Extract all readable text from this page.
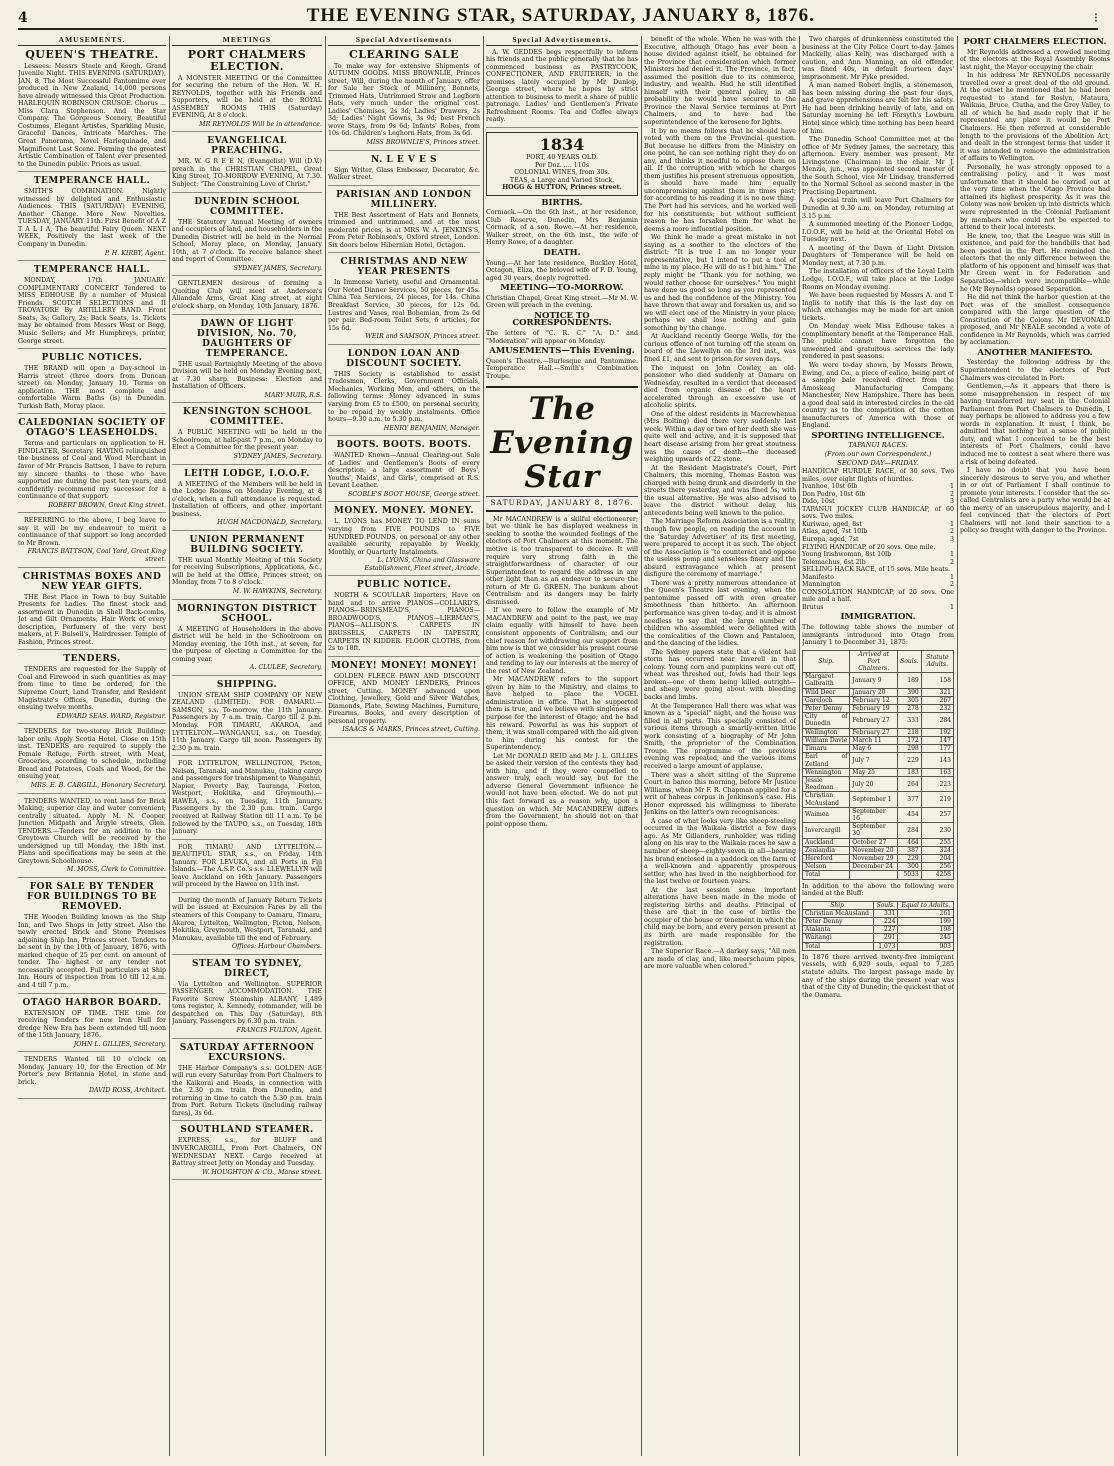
4	THE EVENING STAR, SATURDAY, JANUARY 8, 1876.	⁝
AMUSEMENTS.
QUEEN'S THEATRE.

Lessees: Messrs Steele and Keogh. Grand Juvenile Night. THIS EVENING (SATURDAY), JAN. 8, The Most Successful Pantomime ever produced in New Zealand, 14,000 persons have already witnessed this Great Production. HARLEQUIN ROBINSON CRUSOE. Chorus ... Miss Clara Stephenson. And the Star Company. The Gorgeous Scenery, Beautiful Costumes, Elegant Artistes, Sparkling Music, Graceful Dances, Intricate Marches. The Great Panorama, Novel Harlequinade, and Magnificent Last Scene. Forming the greatest Artistic Combination of Talent ever presented to the Dunedin public. Prices as usual.

TEMPERANCE HALL.

SMITH'S COMBINATION. Nightly witnessed by delighted and Enthusiastic Audiences. THIS (SATURDAY) EVENING, Another Change. More New Novelties. TUESDAY, JANUARY 11th. First Benefit of A Z T A L I A, The beautiful Fairy Queen. NEXT WEEK, Positively the last week of the Company in Dunedin.

P. H. KIRBY, Agent.
TEMPERANCE HALL.

MONDAY, 17th JANUARY. COMPLIMENTARY CONCERT Tendered to MISS EDHOUSE By a number of Musical Friends. SCOTCH SELECTIONS and II TROVATORE By ARTILLERY BAND. Front Seats, 3s; Gallery, 2s; Back Seats, 1s. Tickets may be obtained from Messrs West or Begg, Music Sellers; and Mr Humphreys, printer, George street.

PUBLIC NOTICES.

THE BRAND will open a Day-school in Harris street (three doors from Duncan street) on Monday, January 10. Terms on application. THE most complete and comfortable Warm Baths (is) in Dunedin. Turkish Bath, Moray place.

CALEDONIAN SOCIETY OF OTAGO'S LEASEHOLDS.

Terms and particulars on application to H. FINDLATER, Secretary. HAVING relinquished the business of Coal and Wood Merchant in favor of Mr Francis Battson, I have to return my sincere thanks to those who have supported me during the past ten years, and confidently recommend my successor for a continuance of that support.

ROBERT BROWN, Great King street.

REFERRING to the above, I beg leave to say it will be my endeavour to merit a continuance of that support so long accorded to Mr Brown.

FRANCIS BATTSON, Coal Yard, Great King street.
CHRISTMAS BOXES AND NEW YEAR GIFTS.

THE Best Place in Town to buy Suitable Presents for Ladies. The finest stock and assortment in Dunedin in Shell Back-combs, Jet and Gilt Ornaments, Hair Work of every description, Perfumery of the very best makers, at F. Bulsell's, Hairdresser. Temple of Fashion, Princes street.

TENDERS.

TENDERS are requested for the Supply of Coal and Firewood in such quantities as may from time to time be ordered, for the Supreme Court, Land Transfer, and Resident Magistrate's Offices, Dunedin, during the ensuing twelve months.

EDWARD SEAS. WARD, Registrar.

TENDERS for two-storey Brick Building; labor only. Apply Scotia Hotel. Close on 15th inst. TENDERS are required to supply the Female Refuge, Forth street, with Meat, Groceries, according to schedule, including Bread and Potatoes, Coals and Wood, for the ensuing year.

MRS. E. B. CARGILL, Honorary Secretary.

TENDERS WANTED, to rent land for Brick Making; superior clay and water convenient; centrally situated. Apply M. N. Cooper, Junction Midpath and Argyle streets, Glen. TENDERS.—Tenders for an addition to the Greytown Church will be received by the undersigned up till Monday, the 18th inst. Plans and specifications may be seen at the Greytown Schoolhouse.

M. MOSS, Clerk to Committee.
FOR SALE BY TENDER FOR BUILDINGS TO BE REMOVED.

THE Wooden Building known as the Ship Inn, and Two Shops in Jetty street. Also the newly erected Brick and Stone Premises adjoining Ship Inn, Princes street. Tenders to be sent in by the 10th of January, 1876, with marked cheque of 25 per cent. on amount of tender. The highest or any tender not necessarily accepted. Full particulars at Ship Inn. Hours of inspection from 10 till 12 a.m. and 4 till 7 p.m.

OTAGO HARBOR BOARD.

EXTENSION OF TIME. THE time for receiving Tenders for new Iron Hull for dredge New Era has been extended till noon of the 15th January, 1876.

JOHN L. GILLIES, Secretary.

TENDERS Wanted till 10 o'clock on Monday, January 10, for the Erection of Mr Porter's new Britannia Hotel, in stone and brick.

DAVID ROSS, Architect.
MEETINGS
PORT CHALMERS ELECTION.

A MONSTER MEETING Of the Committee for securing the return of the Hon. W. H. REYNOLDS, together with his Friends and Supporters, will be held at the ROYAL ASSEMBLY ROOMS THIS (Saturday) EVENING, At 8 o'clock.

MR REYNOLDS Will be in attendance.
EVANGELICAL PREACHING.

MR. W. G R E E N, (Evangelist) Will (D.V.) preach in the CHRISTIAN CHAPEL, Great King Street, TO-MORROW EVENING, At 7.30. Subject: "The Constraining Love of Christ."

DUNEDIN SCHOOL COMMITTEE.

THE Statutory Annual Meeting of owners and occupiers of land, and householders in the Dunedin District will be held in the Normal School, Moray place, on Monday, January 10th, at 7 o'clock. To receive balance sheet and report of Committee.

SYDNEY JAMES, Secretary.

GENTLEMEN desirous of forming a Quoiting Club will meet at Anderson's Allandale Arms, Great King street, at eight o'clock sharp, on Monday, 10th January, 1876.

DAWN OF LIGHT DIVISION, No. 70, DAUGHTERS OF TEMPERANCE.

THE usual Fortnightly Meeting of the above Division will be held on Monday Evening next, at 7.30 sharp. Business: Election and Installation of Officers.

MARY MUIR, R.S.
KENSINGTON SCHOOL COMMITTEE.

A PUBLIC MEETING will be held in the Schoolroom, at half-past 7 p.m., on Monday to Elect a Committee for the present year.

SYDNEY JAMES, Secretary.
LEITH LODGE, I.O.O.F.

A MEETING of the Members will be held in the Lodge Rooms on Monday Evening, at 8 o'clock, when a full attendance is requested. Installation of officers, and other important business.

HUGH MACDONALD, Secretary.
UNION PERMANENT BUILDING SOCIETY.

THE usual Monthly Meeting of this Society for receiving Subscriptions, Applications, &c., will be held at the Office, Princes street, on Monday, from 7 to 8 o'clock.

M. W. HAWKINS, Secretary.
MORNINGTON DISTRICT SCHOOL.

A MEETING of Householders in the above district will be held in the Schoolroom on Monday evening, the 10th inst., at seven, for the purpose of electing a Committee for the coming year.

A. CLULEE, Secretary.
SHIPPING.

UNION STEAM SHIP COMPANY OF NEW ZEALAND (LIMITED). FOR OAMARU.—SAMSON, s.s. To-morrow, the 11th January. Passengers by 7 a.m. train. Cargo till 2 p.m. Monday. FOR TIMARU, AKAROA, and LYTTELTON.—WANGANUI, s.s., on Tuesday, 11th January. Cargo till noon. Passengers by 2.30 p.m. train.

FOR LYTTELTON, WELLINGTON, Picton, Nelson, Taranaki, and Manukau, (taking cargo and passengers for transhipment to Wanganui, Napier, Poverty Bay, Tauranga, Foxton, Westport, Hokitika, and Greymouth).—HAWEA, s.s., on Tuesday, 11th January. Passengers by the 2.30 p.m. train. Cargo received at Railway Station till 11 a.m. To be followed by the TAUPO, s.s., on Tuesday, 18th January.

FOR TIMARU AND LYTTELTON.—BEAUTIFUL STAR, s.s., on Friday, 14th January. FOR LEVUKA, and all Ports in Fiji Islands.—The A.S.P. Co.'s s.s. LLEWELLYN will leave Auckland on 16th January. Passengers will proceed by the Hawea on 11th inst.

During the month of January Return Tickets will be issued at Excursion Fares by all the steamers of this Company to Oamaru, Timaru, Akaroa, Lyttelton, Wellington, Picton, Nelson, Hokitika, Greymouth, Westport, Taranaki, and Manukau, available till the end of February.

Offices: Harbour Chambers.
STEAM TO SYDNEY, DIRECT,

Via Lyttelton and Wellington. SUPERIOR PASSENGER ACCOMMODATION. THE Favorite Screw Steamship ALBANY, 1,489 tons register, A. Kennedy, commander, will be despatched on This Day (Saturday), 8th January. Passengers by 6.30 p.m. train.

FRANCIS FULTON, Agent.
SATURDAY AFTERNOON EXCURSIONS.

THE Harbor Company's s.s. GOLDEN AGE will run every Saturday from Port Chalmers to the Kaikorai and Heads, in connection with the 2.30 p.m. train from Dunedin, and returning in time to catch the 5.30 p.m. train from Port. Return Tickets (including railway fares), 3s 6d.

SOUTHLAND STEAMER.

EXPRESS, s.s., for BLUFF and INVERCARGILL, From Port Chalmers, ON WEDNESDAY NEXT. Cargo received at Rattray street Jetty on Monday and Tuesday.

W. HOUGHTON & CO., Manse street.
Special Advertisements
CLEARING SALE

To make way for extensive Shipments of AUTUMN GOODS. MISS BROWNLIE, Princes street, Will, during the month of January, offer for Sale her Stock of Millinery, Bonnets, Trimmed Hats, Untrimmed Straw and Leghorn Hats, very much under the original cost. Ladies' Chemises, 2s 3d; Ladies' Drawers, 2s 3d; Ladies' Night Gowns, 3s 9d; best French wove Stays, from 9s 6d; Infants' Robes, from 10s 6d. Children's Leghorn Hats, from 3s 6d.

MISS BROWNLIE'S, Princes street.
N. L E V E S

Sign Writer, Glass Embosser, Decorator, &c. Walker street.

PARISIAN AND LONDON MILLINERY.

THE Best Assortment of Hats and Bonnets, trimmed and untrimmed, and at the most moderate prices, is at MRS W. A. JENKINS'S, From Peter Robinson's, Oxford street, London. Six doors below Hibernian Hotel, Octagon.

CHRISTMAS AND NEW YEAR PRESENTS

In Immense Variety, useful and Ornamental. Our Noted Dinner Services, 50 pieces, for 45s. China Tea Services, 24 pieces, for 14s. China Breakfast Service, 30 pieces, for 12s 6d. Lustres and Vases, real Bohemian, from 2s 6d per pair. Bed-room Toilet Sets, 6 articles, for 15s 6d.

WEIR and SAMSON, Princes street.
LONDON LOAN AND DISCOUNT SOCIETY.

THIS Society is established to assist Tradesmen, Clerks, Government Officials, Mechanics, Working Men, and others, on the following terms: Money advanced in sums varying from £5 to £500, on personal security, to be repaid by weekly instalments. Office hours—9.30 a.m. to 5.30 p.m.

HENRY BENJAMIN, Manager.
BOOTS. BOOTS. BOOTS.

WANTED Known—Annual Clearing-out Sale of Ladies' and Gentlemen's Boots of every description; a large assortment of Boys', Youths', Maids', and Girls', comprised at R.S. Levant Leather.

SCOBLE'S BOOT HOUSE, George street.
MONEY. MONEY. MONEY.

L. LYONS has MONEY TO LEND IN sums varying from FIVE POUNDS to FIVE HUNDRED POUNDS, on personal or any other available security, repayable by Weekly, Monthly, or Quarterly Instalments.

L. LYONS, China and Glassware Establishment, Fleet street, Arcade.
PUBLIC NOTICE.

NORTH & SCOULLAR Importers, Have on hand and to arrive PIANOS—COLLARD'S, PIANOS—BRINSMEAD'S, PIANOS—BROADWOOD'S, PIANOS—LIEBMAN'S, PIANOS—ALLISON'S. CARPETS IN BRUSSELS, CARPETS IN TAPESTRY, CARPETS IN KIDDER. FLOOR CLOTHS, from 2s to 18ft.

MONEY! MONEY! MONEY!

GOLDEN FLEECE PAWN AND DISCOUNT OFFICE, AND MONEY LENDERS, Princes street, Cutting. MONEY advanced upon Clothing, Jewellery, Gold and Silver Watches, Diamonds, Plate, Sewing Machines, Furniture, Firearms, Books, and every description of personal property.

ISAACS & MARKS, Princes street, Cutting.
Special Advertisements.

A. W. GEDDES begs respectfully to inform his friends and the public generally that he has commenced business as PASTRYCOOK, CONFECTIONER, AND FRUITERER, in the premises lately occupied by Mr Dunlop, George street, where he hopes by strict attention to business to merit a share of public patronage. Ladies' and Gentlemen's Private Refreshment Rooms. Tea and Coffee always ready.

1834
PORT, 40 YEARS OLD.
Per Doz. .... 110s
COLONIAL WINES, from 30s.
TEAS, a Large and Varied Stock.
HOGG & HUTTON, Princes street.
BIRTHS.

Cormack.—On the 6th inst., at her residence, Club Reserve, Dunedin, Mrs Benjamin Cormack, of a son. Rowe.—At her residence, Walker street, on the 6th inst., the wife of Henry Rowe, of a daughter.

DEATH.

Young.—At her late residence, Buckley Hotel, Octagon, Eliza, the beloved wife of F. D. Young, aged 30 years, deeply regretted.

MEETING—TO-MORROW.

Christian Chapel, Great King street.—Mr M. W. Green will preach in the evening.

NOTICE TO CORRESPONDENTS.

The letters of "C. R. C." "A. D." and "Moderation" will appear on Monday.

AMUSEMENTS—This Evening.

Queen's Theatre.—Burlesque and Pantomime. Temperance Hall.—Smith's Combination Troupe.

The Evening Star
SATURDAY, JANUARY 8, 1876.

Mr MACANDREW is a skilful electioneerer; but we think he has displayed weakness in seeking to soothe the wounded feelings of the electors of Port Chalmers at this moment. The motive is too transparent to deceive. It will require very strong faith in the straightforwardness of character of our Superintendent to regard the address in any other light than as an endeavor to secure the return of Mr G. GREEN. The bunkum about Centralism and its dangers may be fairly dismissed.

If we were to follow the example of Mr MACANDREW and point to the past, we may claim equally with himself to have been consistent opponents of Centralism; and our chief reason for withdrawing our support from him now is that we consider his present course of action is weakening the position of Otago and tending to lay our interests at the mercy of the rest of New Zealand.

Mr MACANDREW refers to the support given by him to the Ministry, and claims to have helped to place the VOGEL administration in office. That he supported them is true, and we believe with singleness of purpose for the interest of Otago; and he had his reward. Powerful as was his support of them, it was small compared with the aid given to him during his contest for the Superintendency.

Let Mr DONALD REID and Mr J. L. GILLIES be asked their version of the contests they had with him, and if they were compelled to answer truly, each would say, but for the adverse General Government influence he would not have been elected. We do not put this fact forward as a reason why, upon a question on which Mr MACANDREW differs from the Government, he should not on that point oppose them.

benefit of the whole. When he was with the Executive, although Otago has ever been a house divided against itself, he obtained for the Province that consideration which former Ministers had denied it. The Province, in fact, assumed the position due to its commerce, industry, and wealth. Had he still identified himself with their general policy, in all probability he would have secured to the Province the Naval Service terminus at Port Chalmers, and to have had the superintendence of the kerosene for lights.

It by no means follows that he should have voted with them on the Provincial question. But because he differs from the Ministry on one point, he can see nothing right they do on any, and thinks it needful to oppose them on all. If the corruption with which he charges them justifies his present strenuous opposition, is should have made him equally uncompromising against them in times past; for according to his reading it is no new thing. The Port had his services, and he worked well for his constituents; but without sufficient reason he has forsaken them for what he deems a more influential position.

We think he made a great mistake in not saying as a soother to the electors of the district: "It is true I am no longer your representative, but I intend to put a tool of mine in my place. He will do as I bid him." The reply might be "Thank you for nothing, we would rather choose for ourselves." You might have done us good so long as you represented us and had the confidence of the Ministry. You have thrown that away and forsaken us, and so we will elect one of the Ministry in your place; perhaps we shall lose nothing and gain something by the change.

At Auckland recently George Wells, for the curious offence of not turning off the steam on board of the Llewellyn on the 3rd inst., was fined £1, and sent to prison for seven days.

The inquest on John Cowley, an old-pensioner who died suddenly at Oamaru on Wednesday, resulted in a verdict that deceased died from organic disease of the heart accelerated through an excessive use of alcoholic spirits.

One of the oldest residents in Macrewhenua (Mrs Bolting) died there very suddenly last week. Within a day or two of her death she was quite well and active, and it is supposed that heart disease arising from her great stoutness was the cause of death—the deceased weighing upwards of 22 stone.

At the Resident Magistrate's Court, Port Chalmers, this morning, Thomas Easton was charged with being drunk and disorderly in the streets there yesterday, and was fined 5s, with the usual alternative. He was also advised to leave the district without delay, his antecedents being well known to the police.

The Marriage Reform Association is a reality, though few people, on reading the account in the 'Saturday Advertiser' of its first meeting, were prepared to accept it as such. The object of the Association is "to counteract and oppose the useless pomp and senseless finery and the absurd extravagance which at present disfigure the ceremony of marriage."

There was a pretty numerous attendance at the Queen's Theatre last evening, when the pantomime passed off with even greater smoothness than hitherto. An afternoon performance was given to-day, and it is almost needless to say that the large number of children who assembled were delighted with the comicalities of the Clown and Pantaloon, and the dancing of the ladies.

The Sydney papers state that a violent hail storm has occurred near Inverell in that colony. Young corn and pumpkins were cut off, wheat was threshed out, fowls had their legs broken—one of them being killed outright—and sheep were going about with bleeding backs and limbs.

At the Temperance Hall there was what was known as a "special" night, and the house was filled in all parts. This specially consisted of various items through a smartly-written little work consisting of a biography of Mr John Smith, the proprietor of the Combination Troupe. The programme of the previous evening was repeated, and the various items received a large amount of applause.

There was a short sitting of the Supreme Court in banco this morning, before Mr Justice Williams, when Mr F. R. Chapman applied for a writ of habeas corpus in Jenkinson's case. His Honor expressed his willingness to liberate Jenkins on the latter's own recognisances.

A case of what looks very like sheep-stealing occurred in the Waikaia district a few days ago. As Mr Gillanders, runholder, was riding along on his way to the Waikaia races he saw a number of sheep—eighty-seven in all—bearing his brand enclosed in a paddock on the farm of a well-known and apparently prosperous settler, who has lived in the neighborhood for the last twelve or fourteen years.

At the last session some important alterations have been made in the mode of registering births and deaths. Principal of these are that in the case of births the occupier of the house or tenement in which the child may be born, and every person present at its birth are made responsible for the registration.

The Superior Race.—A darkey says, "All men are made of clay, and, like meerschaum pipes, are more valuable when colored."

PORT CHALMERS ELECTION.

Mr Reynolds addressed a crowded meeting of the electors at the Royal Assembly Rooms last night, the Mayor occupying the chair.

In his address Mr REYNOLDS necessarily travelled over a great deal of the old ground. At the outset he mentioned that he had been requested to stand for Roslyn, Mataura, Waikaia, Bruce, Clutha, and the Grey Valley, to all of which he had made reply that if he represented any place it would be Port Chalmers. He then referred at considerable length to the provisions of the Abolition Act, and dealt in the strongest terms that under it it was intended to remove the administration of affairs to Wellington.

Personally, he was strongly opposed to a centralising policy, and it was most unfortunate that it should be carried out at the very time when the Otago Province had attained its highest prosperity. As it was the Colony was now broken up into districts which were represented in the Colonial Parliament by members who could not be expected to attend to their local interests.

He knew, too, that the League was still in existence, and paid for the handbills that had been posted in the Port. He reminded the electors that the only difference between the platform of his opponent and himself was that Mr Green went in for Federation and Separation—which were incompatible—while he (Mr Reynolds) opposed Separation.

He did not think the harbor question at the Port was of the smallest consequence compared with the large question of the Constitution of the Colony. Mr DEVONALD proposed, and Mr NEALE seconded a vote of confidence in Mr Reynolds, which was carried by acclamation.

ANOTHER MANIFESTO.

Yesterday the following address by the Superintendent to the electors of Port Chalmers was circulated in Port:

Gentlemen,—As it appears that there is some misapprehension in respect of my having transferred my seat in the Colonial Parliament from Port Chalmers to Dunedin, I may perhaps be allowed to address you a few words in explanation. It must, I think, be admitted that nothing but a sense of public duty, and what I conceived to be the best interests of Port Chalmers, could have induced me to contest a seat where there was a risk of being defeated.

I have no doubt that you have been sincerely desirous to serve you, and whether in or out of Parliament I shall continue to promote your interests. I consider that the so-called Centralists are a party who would be at the mercy of an unscrupulous majority, and I feel convinced that the electors of Port Chalmers will not lend their sanction to a policy so fraught with danger to the Province.

Two charges of drunkenness constituted the business at the City Police Court to-day. James Mackelly, alias Kelly, was discharged with a caution, and Ann Manning, an old offender, was fined 40s, in default fourteen days' imprisonment. Mr Fyke presided.

A man named Robert Inglis, a stonemason, has been missing during the past four days, and grave apprehensions are felt for his safety. He had been drinking heavily of late, and on Saturday morning he left Forsyth's Lowburn Hotel since which time nothing has been heard of him.

The Dunedin School Committee met at the office of Mr Sydney James, the secretary, this afternoon. Every member was present, Mr Livingstone (Chairman) in the chair. Mr J. Menzie, jun., was appointed second master of the South School, vice Mr Lindsay, transferred to the Normal School as second master in the Practising Department.

A special train will leave Port Chalmers for Dunedin at 9.30 a.m. on Monday, returning at 3.15 p.m.

A summoned meeting of the Pioneer Lodge, I.O.O.F., will be held at the Oriental Hotel on Tuesday next.

A meeting of the Dawn of Light Division Daughters of Temperance will be held on Monday next, at 7.30 p.m.

The installation of officers of the Loyal Leith Lodge, I.O.O.F., will take place at the Lodge Rooms on Monday evening.

We have been requested by Messrs A. and T. Inglis to notify that this is the last day on which exchanges may be made for art union tickets.

On Monday week Miss Edhouse takes a complimentary benefit at the Temperance Hall. The public cannot have forgotten the unwearied and gratuitous services the lady rendered in past seasons.

We were to-day shown, by Messrs Brown, Ewing, and Co., a piece of calico, being part of a sample bale received direct from the Amoskeag Manufacturing Company, Manchester, New Hampshire. There has been a good deal said in interested circles in the old country as to the competition of the cotton manufacturers of America with those of England.

SPORTING INTELLIGENCE.
TAPANUI RACES.
(From our own Correspondent.)
SECOND DAY—FRIDAY.

HANDICAP HURDLE RACE, of 30 sovs. Two miles, over eight flights of hurdles.

Ivanhoe, 10st 6lb	1
Don Pedro, 10st 6lb	2
Dido, 10st	3

TAPANUI JOCKEY CLUB HANDICAP, of 60 sovs. Two miles.

Kuriwao, aged, 8st	1
Atlas, aged, 7st 10lb	2
Europa, aged, 7st	3

FLYING HANDICAP, of 20 sovs. One mile.

Young Irishwoman, 8st 10lb	1
Telemachus, 6st 2lb	2

SELLING HACK RACE, of 15 sovs. Mile heats.

Manifesto	1
Mannington	2

CONSOLATION HANDICAP, of 20 sovs. One mile and a half.

Brutus	1
IMMIGRATION.

The following table shows the number of immigrants introduced into Otago from January 1 to December 31, 1875:

Ship.	Arrived at Port Chalmers.	Souls.	Statute Adults.
Margaret Galbraith	January 9	189	158
Wild Deer	January 20	390	321
Gareloch	February 12	305	267
Peter Denny	February 19	278	232
City of Dunedin	February 27	333	284
Wellington	February 27	218	192
William Davie	March 11	172	147
Timaru	May 6	298	177
Earl of Zetland	July 7	229	143
Wennington	May 25	183	163
Jessie Readman	July 20	264	223
Christian McAusland	September 1	377	219
Waimea	September 16	454	257
Invercargill	September 30	284	230
Auckland	October 27	464	255
Zealandia	November 20	387	324
Hereford	November 29	229	204
Nelson	December 24	300	256
Total		5033	4258

In addition to the above the following were landed at the Bluff:

Ship.	Souls.	Equal to Adults.
Christian McAusland	331	261
Peter Denny	224	199
Atalanta	227	198
Waitangi	291	245
Total	1,073	903

In 1876 there arrived twenty-five immigrant vessels, with 6,929 souls, equal to 7,285 statute adults. The largest passage made by any of the ships during the present year was that of the City of Dunedin; the quickest that of the Oamaru.
